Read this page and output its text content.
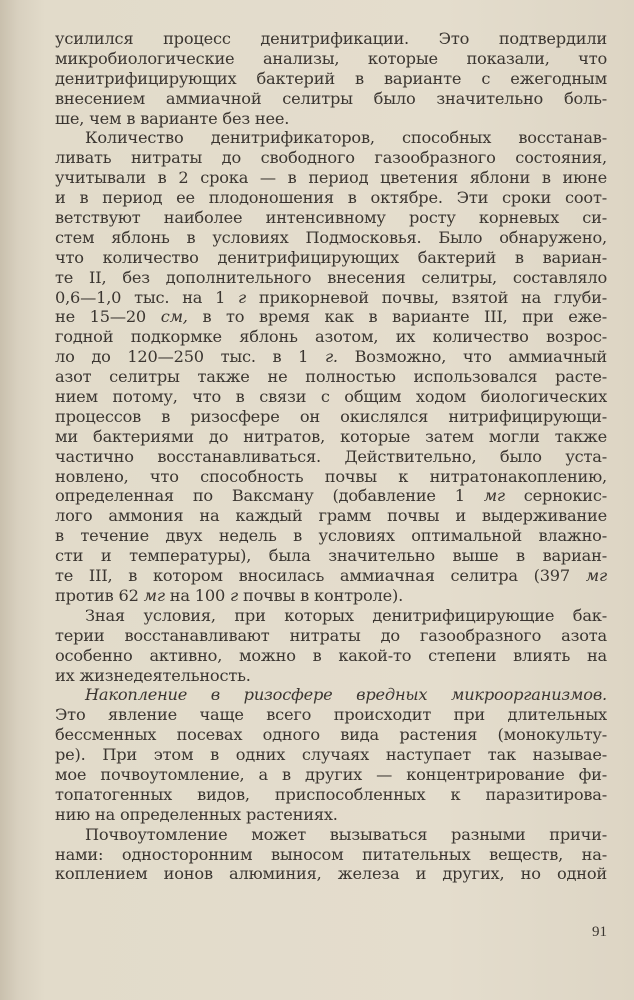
усилился процесс денитрификации. Это подтвердили
микробиологические анализы, которые показали, что
денитрифицирующих бактерий в варианте с ежегодным
внесением аммиачной селитры было значительно боль-
ше, чем в варианте без нее.
Количество денитрификаторов, способных восстанав-
ливать нитраты до свободного газообразного состояния,
учитывали в 2 срока — в период цветения яблони в июне
и в период ее плодоношения в октябре. Эти сроки соот-
ветствуют наиболее интенсивному росту корневых си-
стем яблонь в условиях Подмосковья. Было обнаружено,
что количество денитрифицирующих бактерий в вариан-
те II, без дополнительного внесения селитры, составляло
0,6—1,0 тыс. на 1 г прикорневой почвы, взятой на глуби-
не 15—20 см, в то время как в варианте III, при еже-
годной подкормке яблонь азотом, их количество возрос-
ло до 120—250 тыс. в 1 г. Возможно, что аммиачный
азот селитры также не полностью использовался расте-
нием потому, что в связи с общим ходом биологических
процессов в ризосфере он окислялся нитрифицирующи-
ми бактериями до нитратов, которые затем могли также
частично восстанавливаться. Действительно, было уста-
новлено, что способность почвы к нитратонакоплению,
определенная по Ваксману (добавление 1 мг сернокис-
лого аммония на каждый грамм почвы и выдерживание
в течение двух недель в условиях оптимальной влажно-
сти и температуры), была значительно выше в вариан-
те III, в котором вносилась аммиачная селитра (397 мг
против 62 мг на 100 г почвы в контроле).
Зная условия, при которых денитрифицирующие бак-
терии восстанавливают нитраты до газообразного азота
особенно активно, можно в какой-то степени влиять на
их жизнедеятельность.
Накопление в ризосфере вредных микроорганизмов.
Это явление чаще всего происходит при длительных
бессменных посевах одного вида растения (монокульту-
ре). При этом в одних случаях наступает так называе-
мое почвоутомление, а в других — концентрирование фи-
топатогенных видов, приспособленных к паразитирова-
нию на определенных растениях.
Почвоутомление может вызываться разными причи-
нами: односторонним выносом питательных веществ, на-
коплением ионов алюминия, железа и других, но одной
91
